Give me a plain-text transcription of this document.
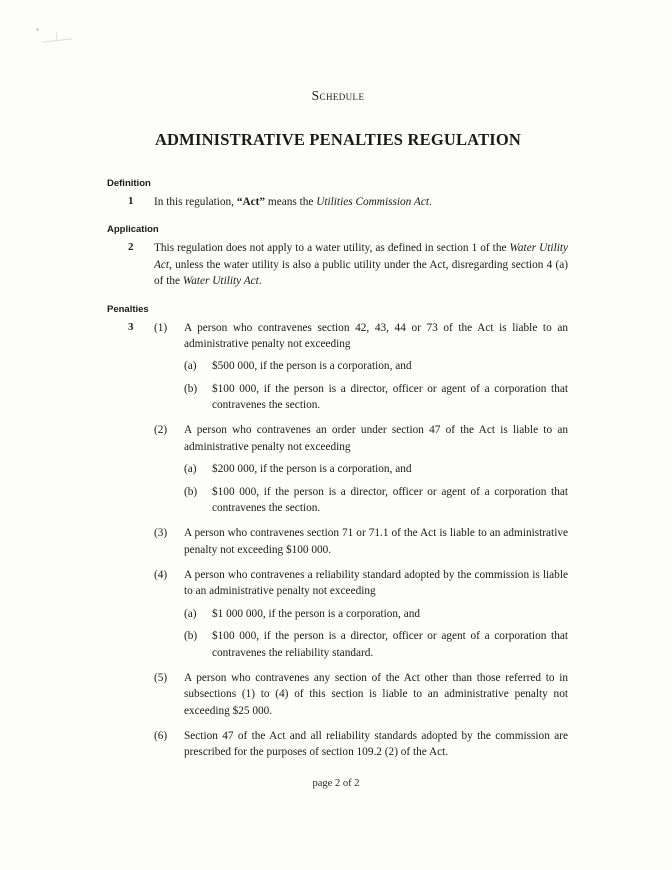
Schedule
ADMINISTRATIVE PENALTIES REGULATION
Definition
1	In this regulation, “Act” means the Utilities Commission Act.
Application
2	This regulation does not apply to a water utility, as defined in section 1 of the Water Utility Act, unless the water utility is also a public utility under the Act, disregarding section 4 (a) of the Water Utility Act.
Penalties
3	(1)	A person who contravenes section 42, 43, 44 or 73 of the Act is liable to an administrative penalty not exceeding
(a)	$500 000, if the person is a corporation, and
(b)	$100 000, if the person is a director, officer or agent of a corporation that contravenes the section.
(2)	A person who contravenes an order under section 47 of the Act is liable to an administrative penalty not exceeding
(a)	$200 000, if the person is a corporation, and
(b)	$100 000, if the person is a director, officer or agent of a corporation that contravenes the section.
(3)	A person who contravenes section 71 or 71.1 of the Act is liable to an administrative penalty not exceeding $100 000.
(4)	A person who contravenes a reliability standard adopted by the commission is liable to an administrative penalty not exceeding
(a)	$1 000 000, if the person is a corporation, and
(b)	$100 000, if the person is a director, officer or agent of a corporation that contravenes the reliability standard.
(5)	A person who contravenes any section of the Act other than those referred to in subsections (1) to (4) of this section is liable to an administrative penalty not exceeding $25 000.
(6)	Section 47 of the Act and all reliability standards adopted by the commission are prescribed for the purposes of section 109.2 (2) of the Act.
page 2 of 2
